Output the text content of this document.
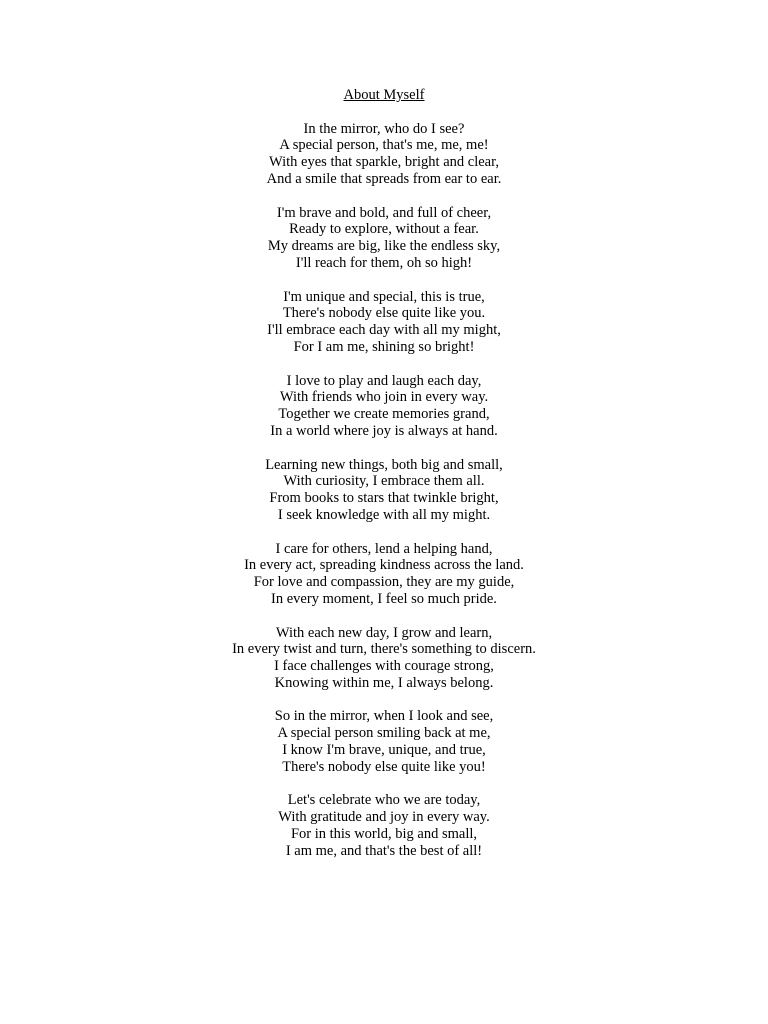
About Myself
In the mirror, who do I see?
A special person, that's me, me, me!
With eyes that sparkle, bright and clear,
And a smile that spreads from ear to ear.
I'm brave and bold, and full of cheer,
Ready to explore, without a fear.
My dreams are big, like the endless sky,
I'll reach for them, oh so high!
I'm unique and special, this is true,
There's nobody else quite like you.
I'll embrace each day with all my might,
For I am me, shining so bright!
I love to play and laugh each day,
With friends who join in every way.
Together we create memories grand,
In a world where joy is always at hand.
Learning new things, both big and small,
With curiosity, I embrace them all.
From books to stars that twinkle bright,
I seek knowledge with all my might.
I care for others, lend a helping hand,
In every act, spreading kindness across the land.
For love and compassion, they are my guide,
In every moment, I feel so much pride.
With each new day, I grow and learn,
In every twist and turn, there's something to discern.
I face challenges with courage strong,
Knowing within me, I always belong.
So in the mirror, when I look and see,
A special person smiling back at me,
I know I'm brave, unique, and true,
There's nobody else quite like you!
Let's celebrate who we are today,
With gratitude and joy in every way.
For in this world, big and small,
I am me, and that's the best of all!
